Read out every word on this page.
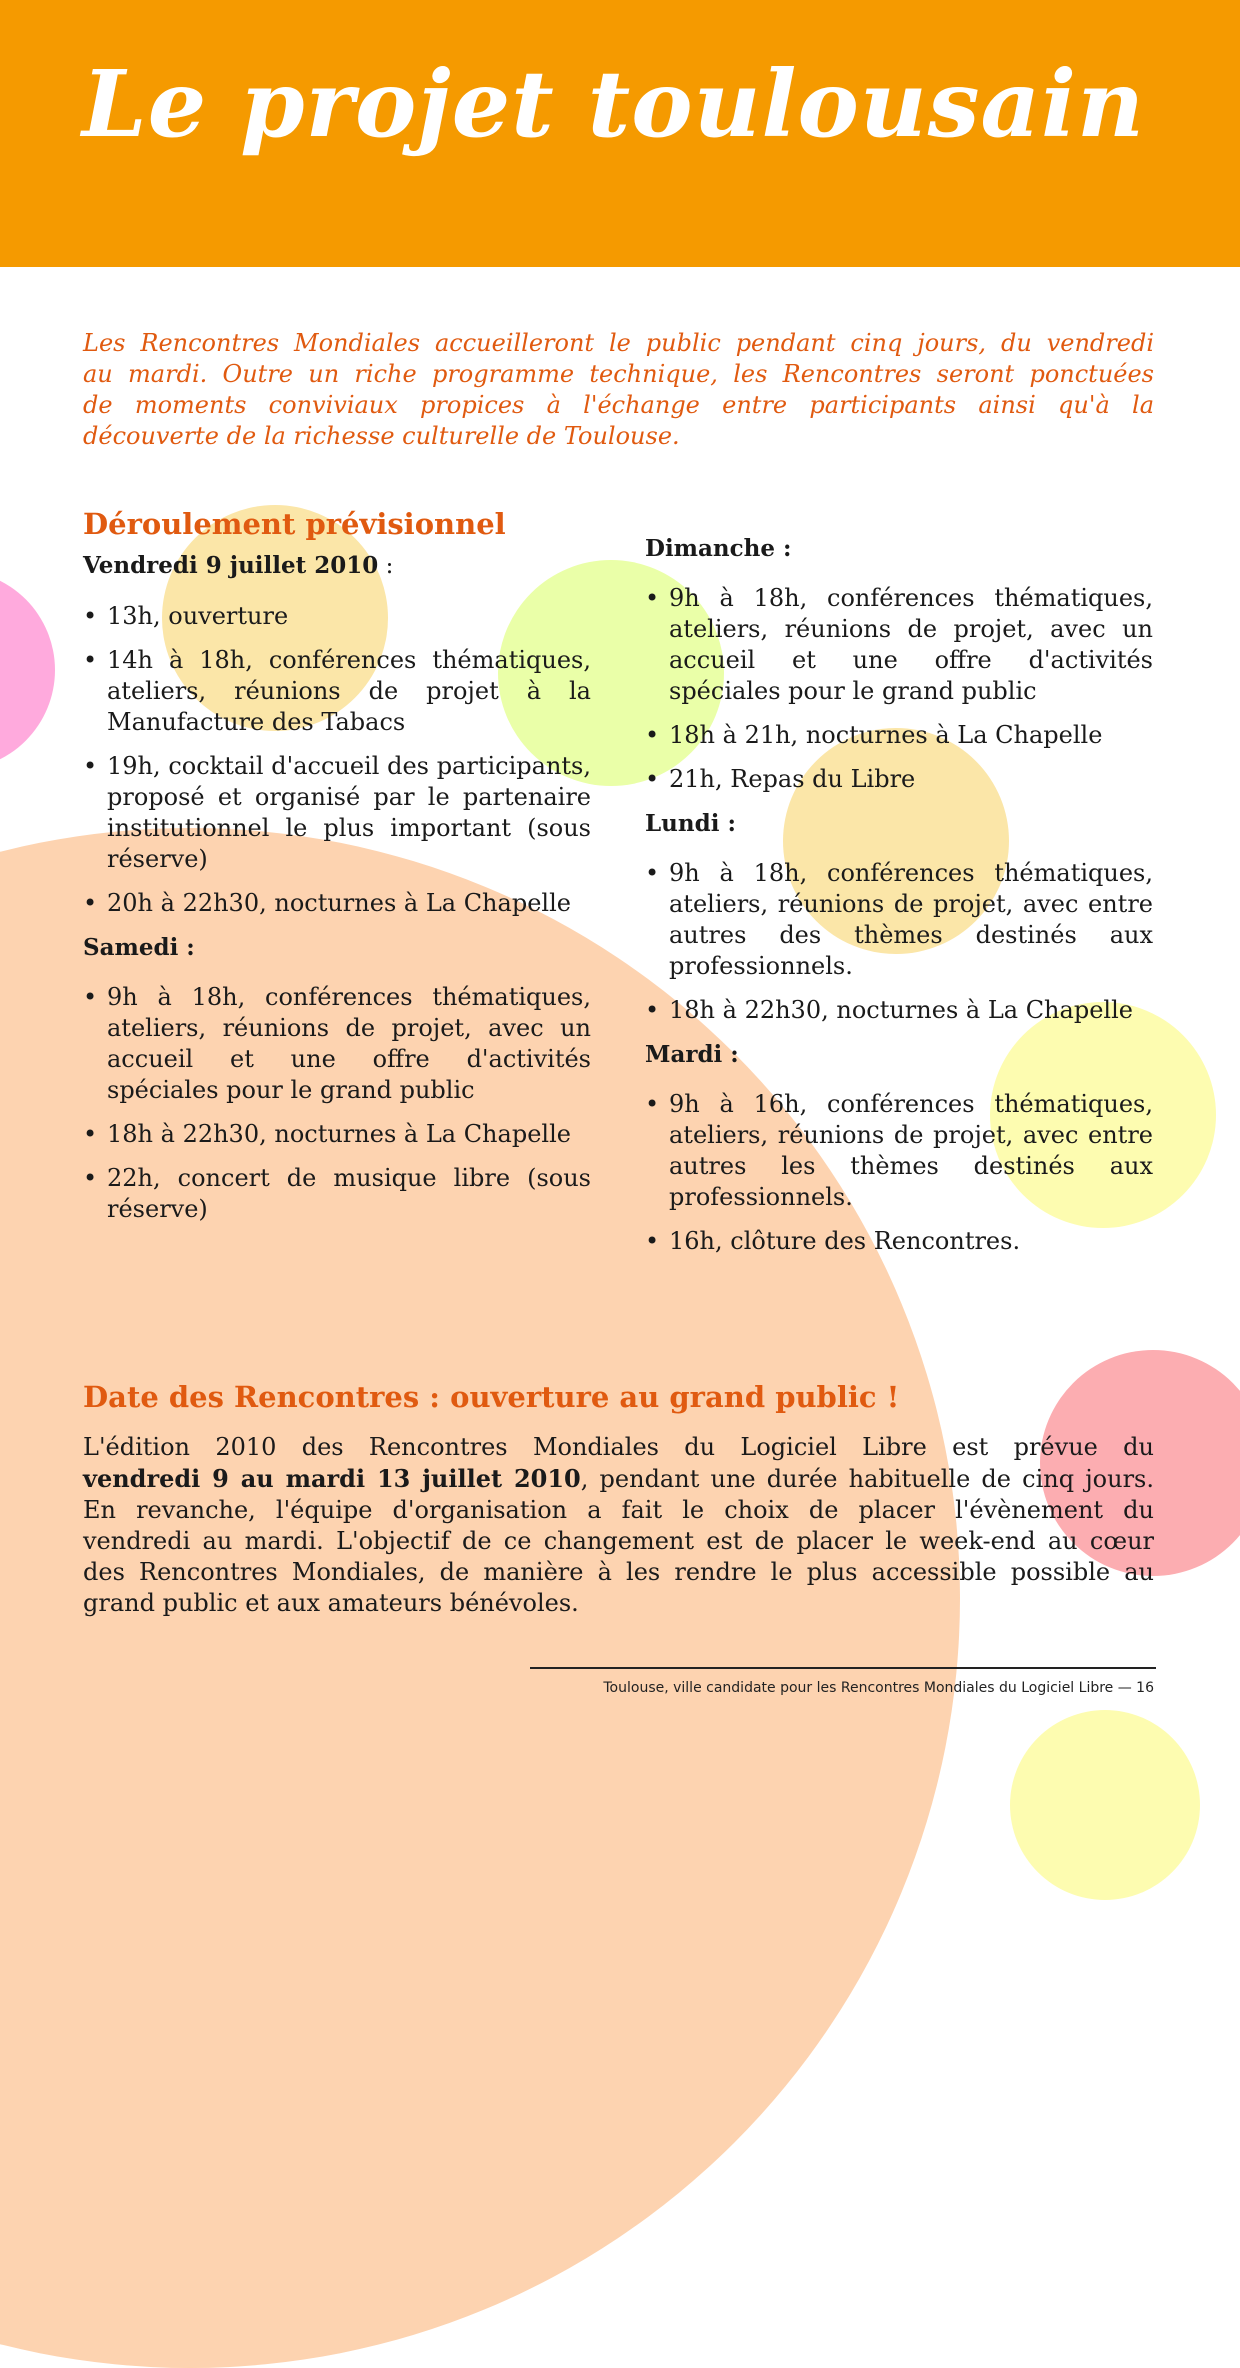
Le projet toulousain

Les Rencontres Mondiales accueilleront le public pendant cinq jours, du vendredi
au mardi. Outre un riche programme technique, les Rencontres seront ponctuées
de moments conviviaux propices à l'échange entre participants ainsi qu'à la
découverte de la richesse culturelle de Toulouse.

Déroulement prévisionnel

Vendredi 9 juillet 2010 :

• 13h, ouverture
• 14h à 18h, conférences thématiques, ateliers, réunions de projet à la Manufacture des Tabacs
• 19h, cocktail d'accueil des participants, proposé et organisé par le partenaire institutionnel le plus important (sous réserve)
• 20h à 22h30, nocturnes à La Chapelle

Samedi :

• 9h à 18h, conférences thématiques, ateliers, réunions de projet, avec un accueil et une offre d'activités spéciales pour le grand public
• 18h à 22h30, nocturnes à La Chapelle
• 22h, concert de musique libre (sous réserve)

Dimanche :

• 9h à 18h, conférences thématiques, ateliers, réunions de projet, avec un accueil et une offre d'activités spéciales pour le grand public
• 18h à 21h, nocturnes à La Chapelle
• 21h, Repas du Libre

Lundi :

• 9h à 18h, conférences thématiques, ateliers, réunions de projet, avec entre autres des thèmes destinés aux professionnels.
• 18h à 22h30, nocturnes à La Chapelle

Mardi :

• 9h à 16h, conférences thématiques, ateliers, réunions de projet, avec entre autres les thèmes destinés aux professionnels.
• 16h, clôture des Rencontres.
Date des Rencontres : ouverture au grand public !

L'édition 2010 des Rencontres Mondiales du Logiciel Libre est prévue du
vendredi 9 au mardi 13 juillet 2010, pendant une durée habituelle de cinq jours.
En revanche, l'équipe d'organisation a fait le choix de placer l'évènement du
vendredi au mardi. L'objectif de ce changement est de placer le week-end au cœur
des Rencontres Mondiales, de manière à les rendre le plus accessible possible au
grand public et aux amateurs bénévoles.

Toulouse, ville candidate pour les Rencontres Mondiales du Logiciel Libre — 16
